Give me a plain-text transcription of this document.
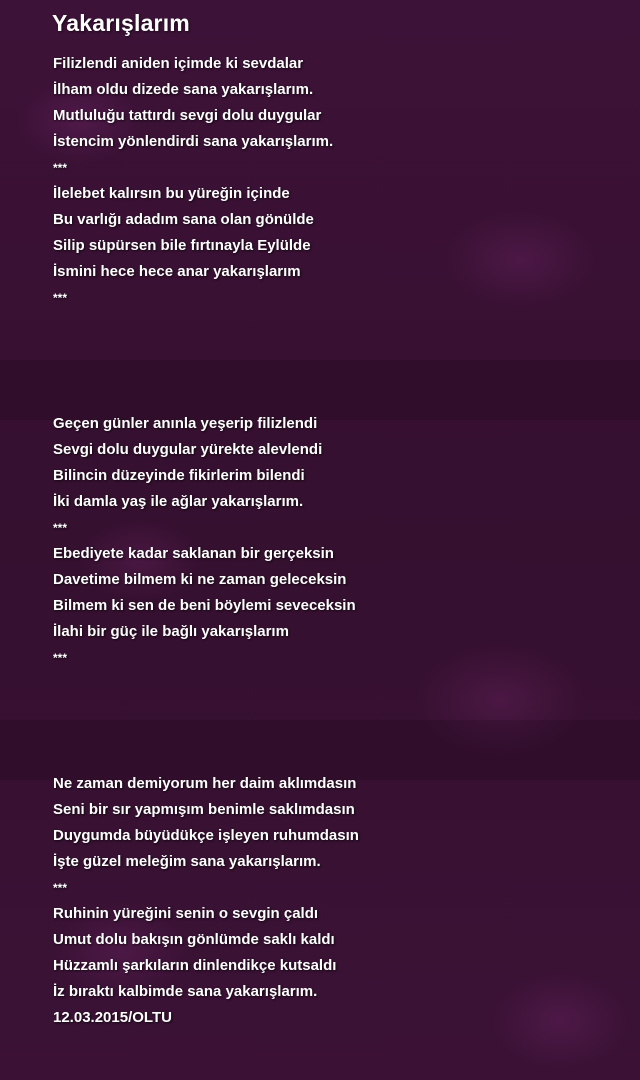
Yakarışlarım
Filizlendi aniden içimde ki sevdalar
İlham oldu dizede sana yakarışlarım.
Mutluluğu tattırdı sevgi dolu duygular
İstencim yönlendirdi sana yakarışlarım.
***
İlelebet kalırsın bu yüreğin içinde
Bu varlığı adadım sana olan gönülde
Silip süpürsen bile fırtınayla Eylülde
İsmini hece hece anar yakarışlarım
***
Geçen günler anınla yeşerip filizlendi
Sevgi dolu duygular yürekte alevlendi
Bilincin düzeyinde fikirlerim bilendi
İki damla yaş ile ağlar yakarışlarım.
***
Ebediyete kadar saklanan bir gerçeksin
Davetime bilmem ki ne zaman geleceksin
Bilmem ki sen de beni böylemi seveceksin
İlahi bir güç ile bağlı yakarışlarım
***
Ne zaman demiyorum her daim aklımdasın
Seni bir sır yapmışım benimle saklımdasın
Duygumda büyüdükçe işleyen ruhumdasın
İşte güzel meleğim sana yakarışlarım.
***
Ruhinin yüreğini senin o sevgin çaldı
Umut dolu bakışın gönlümde saklı kaldı
Hüzzamlı şarkıların dinlendikçe kutsaldı
İz bıraktı kalbimde sana yakarışlarım.
12.03.2015/OLTU
